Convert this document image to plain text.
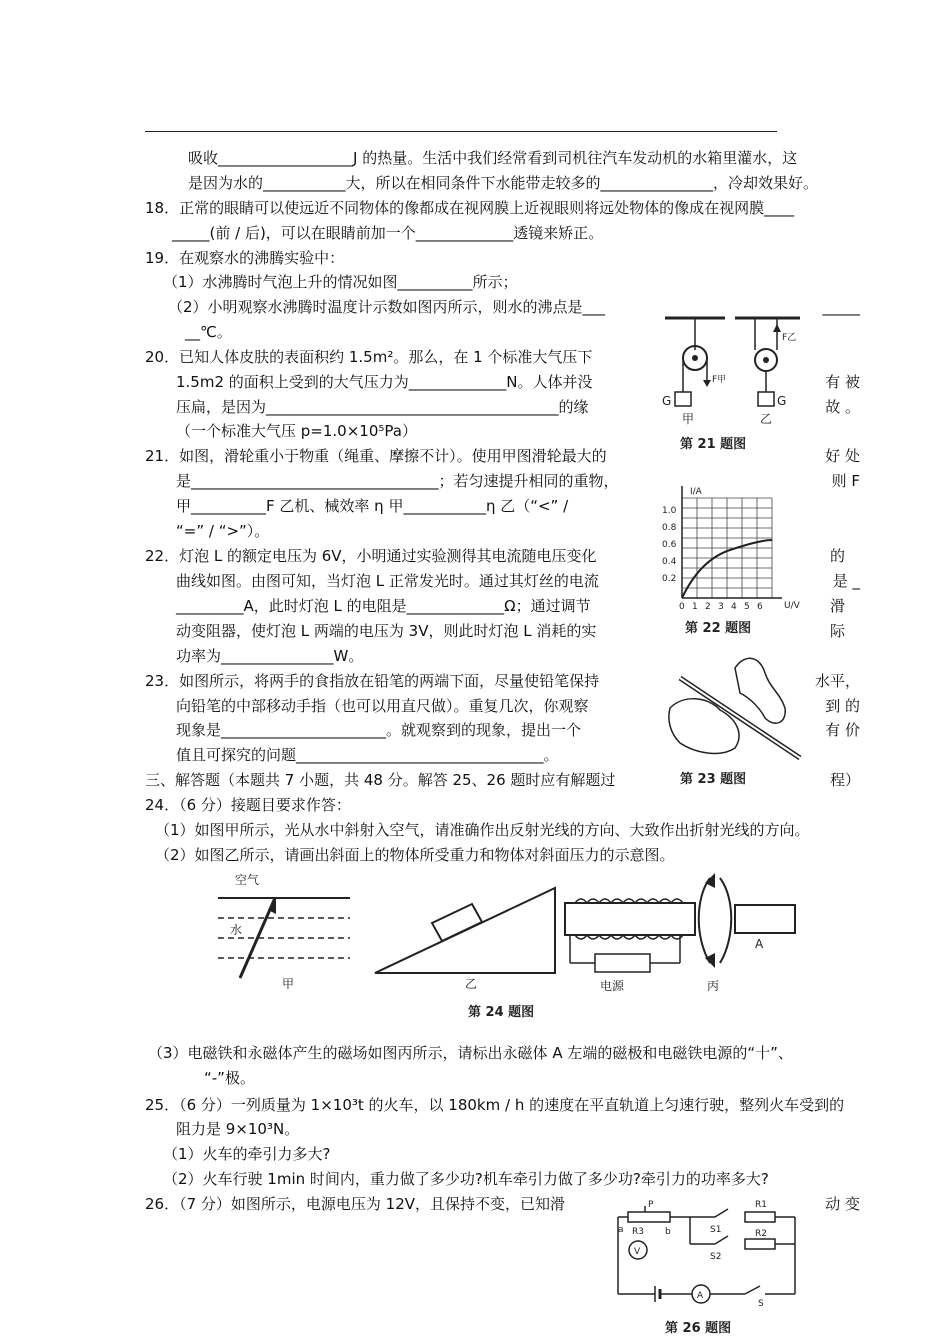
吸收__________________J 的热量。生活中我们经常看到司机往汽车发动机的水箱里灌水，这
是因为水的___________大，所以在相同条件下水能带走较多的_______________，冷却效果好。
18．正常的眼睛可以使远近不同物体的像都成在视网膜上近视眼则将远处物体的像成在视网膜____
_____(前 / 后)，可以在眼睛前加一个_____________透镜来矫正。
19．在观察水的沸腾实验中：
（1）水沸腾时气泡上升的情况如图__________所示；
（2）小明观察水沸腾时温度计示数如图丙所示，则水的沸点是___
__℃。
20．已知人体皮肤的表面积约 1.5m²。那么，在 1 个标准大气压下
1.5m2 的面积上受到的大气压力为_____________N。人体并没
压扁，是因为_______________________________________的缘
（一个标准大气压 p=1.0×10⁵Pa）
21．如图，滑轮重小于物重（绳重、摩擦不计）。使用甲图滑轮最大的
是_________________________________；若匀速提升相同的重物，
甲__________F 乙机、械效率 η 甲___________η 乙（“<” /
“=” / “>”）。
22．灯泡 L 的额定电压为 6V，小明通过实验测得其电流随电压变化
曲线如图。由图可知，当灯泡 L 正常发光时。通过其灯丝的电流
_________A，此时灯泡 L 的电阻是_____________Ω；通过调节
动变阻器，使灯泡 L 两端的电压为 3V，则此时灯泡 L 消耗的实
功率为_______________W。
23．如图所示，将两手的食指放在铅笔的两端下面，尽量使铅笔保持
向铅笔的中部移动手指（也可以用直尺做）。重复几次，你观察
现象是______________________。就观察到的现象，提出一个
值且可探究的问题_________________________________。
三、解答题（本题共 7 小题，共 48 分。解答 25、26 题时应有解题过
24．（6 分）接题目要求作答：
（1）如图甲所示，光从水中斜射入空气，请准确作出反射光线的方向、大致作出折射光线的方向。
（2）如图乙所示，请画出斜面上的物体所受重力和物体对斜面压力的示意图。
（3）电磁铁和永磁体产生的磁场如图丙所示，请标出永磁体 A 左端的磁极和电磁铁电源的“十”、
“-”极。
25．（6 分）一列质量为 1×10³t 的火车，以 180km / h 的速度在平直轨道上匀速行驶，整列火车受到的
阻力是 9×10³N。
（1）火车的牵引力多大?
（2）火车行驶 1min 时间内，重力做了多少功?机车牵引力做了多少功?牵引力的功率多大?
26．（7 分）如图所示，电源电压为 12V，且保持不变，已知滑
_____
有 被
故 。
好 处
则 F
的
是 _
滑
际
水平，
到 的
有 价
程）
动 变
G
F甲
甲
G
F乙
乙
第 21 题图
I/A
U/V
1.0
0.8
0.6
0.4
0.2
0 1 2 3 4 5 6
第 22 题图
第 23 题图
空气
水
甲	乙	电源
A
丙
第 24 题图
P
R3
a	b
V
S1
R1
S2
R2
A
S
第 26 题图
